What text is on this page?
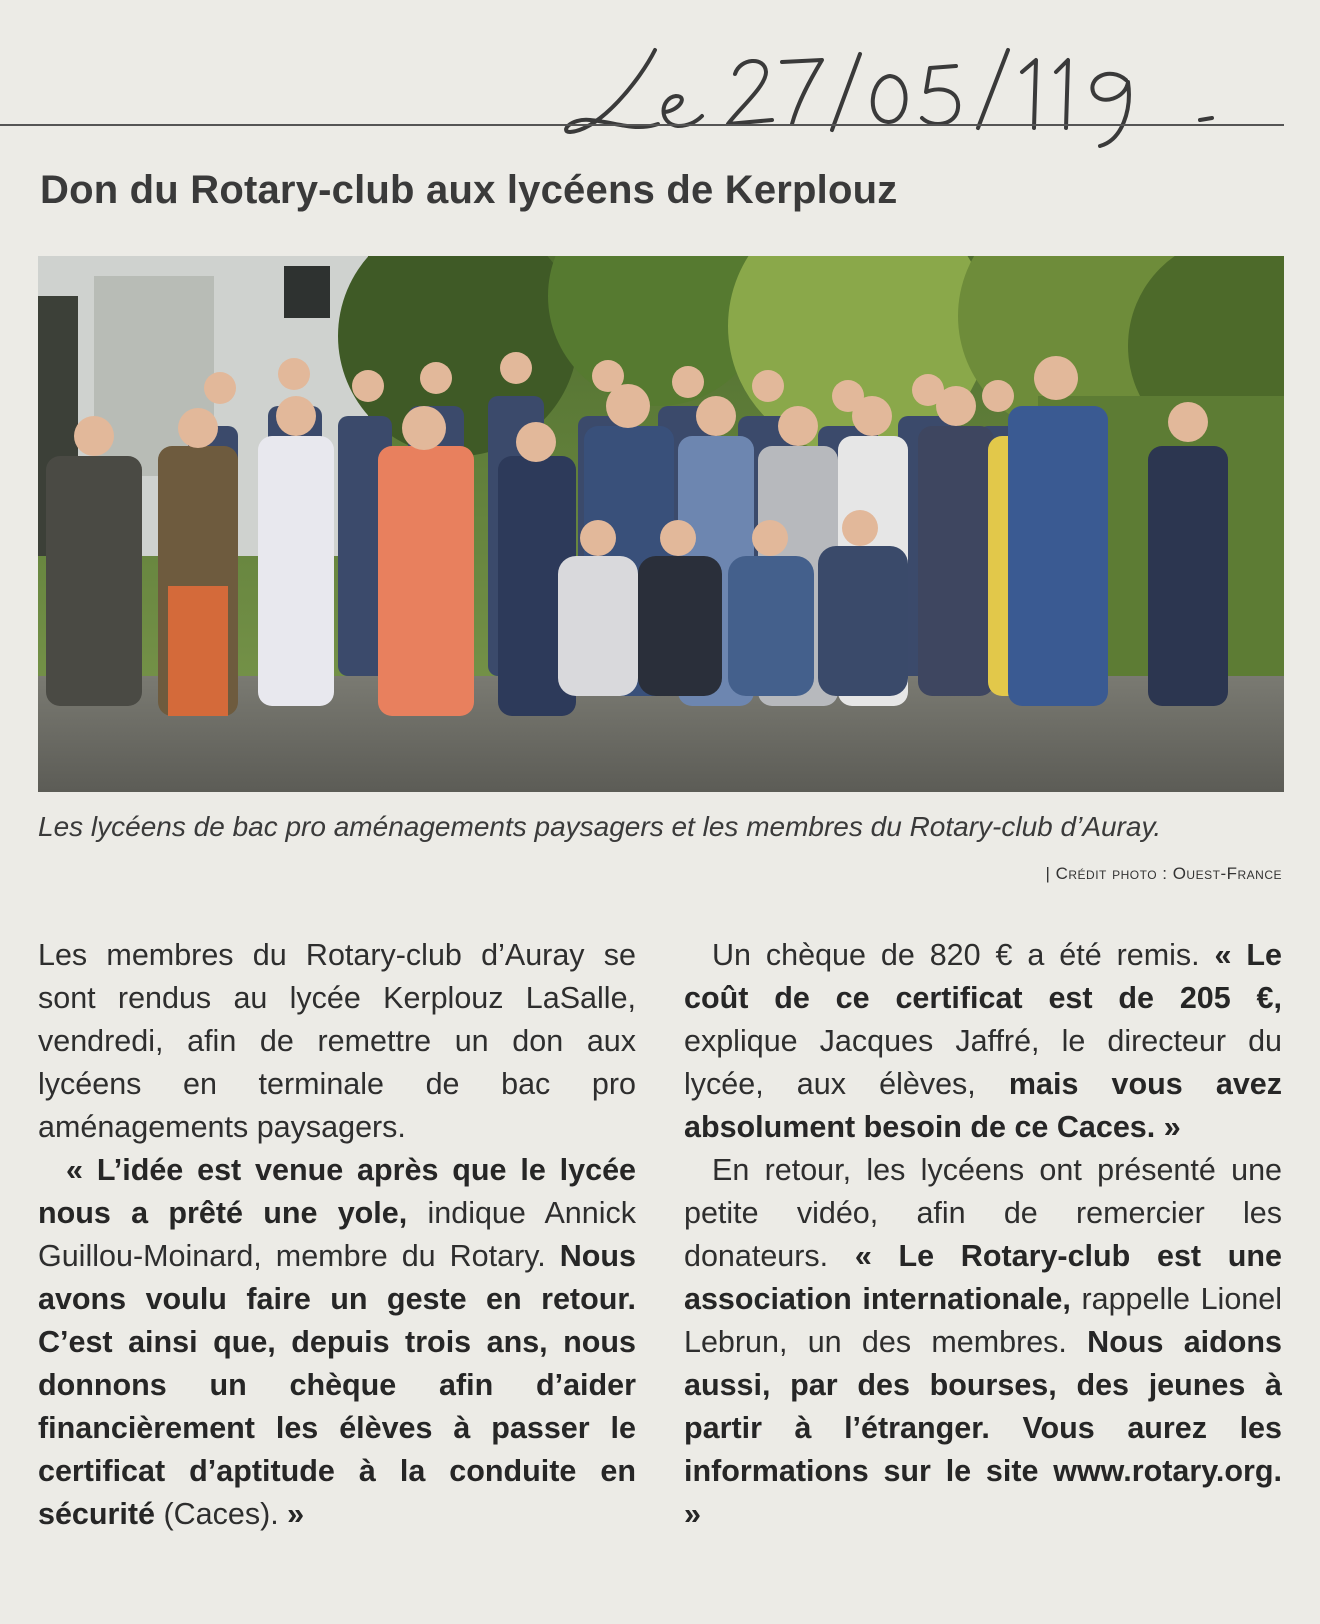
Don du Rotary-club aux lycéens de Kerplouz

Les lycéens de bac pro aménagements paysagers et les membres du Rotary-club d’Auray.

| Crédit photo : Ouest-France

Les membres du Rotary-club d’Auray se sont rendus au lycée Kerplouz LaSalle, vendredi, afin de remettre un don aux lycéens en terminale de bac pro aménagements paysagers.

« L’idée est venue après que le lycée nous a prêté une yole, indique Annick Guillou-Moinard, membre du Rotary. Nous avons voulu faire un geste en retour. C’est ainsi que, depuis trois ans, nous donnons un chèque afin d’aider financièrement les élèves à passer le certificat d’aptitude à la conduite en sécurité (Caces). »

Un chèque de 820 € a été remis. « Le coût de ce certificat est de 205 €, explique Jacques Jaffré, le directeur du lycée, aux élèves, mais vous avez absolument besoin de ce Caces. »

En retour, les lycéens ont présenté une petite vidéo, afin de remercier les donateurs. « Le Rotary-club est une association internationale, rappelle Lionel Lebrun, un des membres. Nous aidons aussi, par des bourses, des jeunes à partir à l’étranger. Vous aurez les informations sur le site www.rotary.org. »
